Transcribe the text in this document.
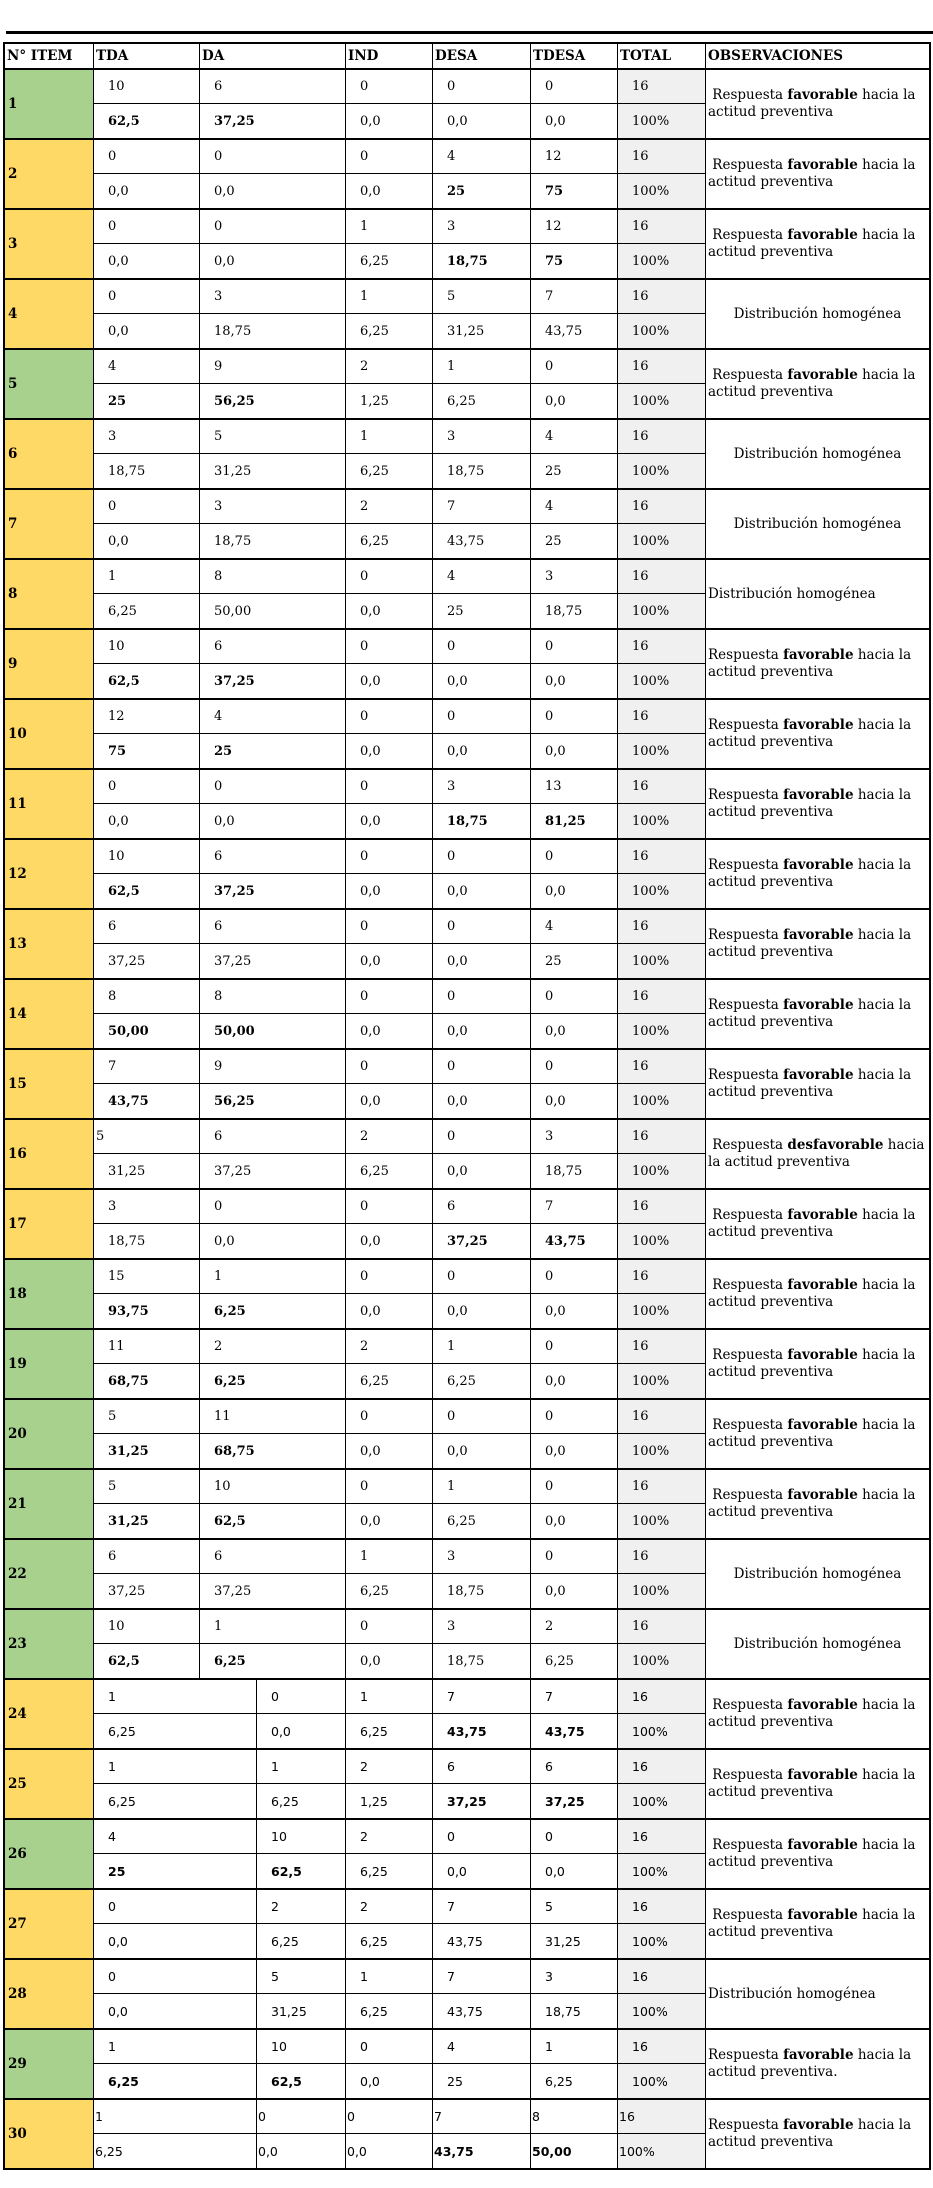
N° ITEM	TDA	DA	IND	DESA	TDESA	TOTAL	OBSERVACIONES
1
10	6	0	0	0	16
62,5	37,25	0,0	0,0	0,0	100%
Respuesta favorable hacia la actitud preventiva
2
0	0	0	4	12	16
0,0	0,0	0,0	25	75	100%
Respuesta favorable hacia la actitud preventiva
3
0	0	1	3	12	16
0,0	0,0	6,25	18,75	75	100%
Respuesta favorable hacia la actitud preventiva
4
0	3	1	5	7	16
0,0	18,75	6,25	31,25	43,75	100%
Distribución homogénea
5
4	9	2	1	0	16
25	56,25	1,25	6,25	0,0	100%
Respuesta favorable hacia la actitud preventiva
6
3	5	1	3	4	16
18,75	31,25	6,25	18,75	25	100%
Distribución homogénea
7
0	3	2	7	4	16
0,0	18,75	6,25	43,75	25	100%
Distribución homogénea
8
1	8	0	4	3	16
6,25	50,00	0,0	25	18,75	100%
Distribución homogénea
9
10	6	0	0	0	16
62,5	37,25	0,0	0,0	0,0	100%
Respuesta favorable hacia la actitud preventiva
10
12	4	0	0	0	16
75	25	0,0	0,0	0,0	100%
Respuesta favorable hacia la actitud preventiva
11
0	0	0	3	13	16
0,0	0,0	0,0	18,75	81,25	100%
Respuesta favorable hacia la actitud preventiva
12
10	6	0	0	0	16
62,5	37,25	0,0	0,0	0,0	100%
Respuesta favorable hacia la actitud preventiva
13
6	6	0	0	4	16
37,25	37,25	0,0	0,0	25	100%
Respuesta favorable hacia la actitud preventiva
14
8	8	0	0	0	16
50,00	50,00	0,0	0,0	0,0	100%
Respuesta favorable hacia la actitud preventiva
15
7	9	0	0	0	16
43,75	56,25	0,0	0,0	0,0	100%
Respuesta favorable hacia la actitud preventiva
16
5	6	2	0	3	16
31,25	37,25	6,25	0,0	18,75	100%
Respuesta desfavorable hacia la actitud preventiva
17
3	0	0	6	7	16
18,75	0,0	0,0	37,25	43,75	100%
Respuesta favorable hacia la actitud preventiva
18
15	1	0	0	0	16
93,75	6,25	0,0	0,0	0,0	100%
Respuesta favorable hacia la actitud preventiva
19
11	2	2	1	0	16
68,75	6,25	6,25	6,25	0,0	100%
Respuesta favorable hacia la actitud preventiva
20
5	11	0	0	0	16
31,25	68,75	0,0	0,0	0,0	100%
Respuesta favorable hacia la actitud preventiva
21
5	10	0	1	0	16
31,25	62,5	0,0	6,25	0,0	100%
Respuesta favorable hacia la actitud preventiva
22
6	6	1	3	0	16
37,25	37,25	6,25	18,75	0,0	100%
Distribución homogénea
23
10	1	0	3	2	16
62,5	6,25	0,0	18,75	6,25	100%
Distribución homogénea
24
1	0	1	7	7	16
6,25	0,0	6,25	43,75	43,75	100%
Respuesta favorable hacia la actitud preventiva
25
1	1	2	6	6	16
6,25	6,25	1,25	37,25	37,25	100%
Respuesta favorable hacia la actitud preventiva
26
4	10	2	0	0	16
25	62,5	6,25	0,0	0,0	100%
Respuesta favorable hacia la actitud preventiva
27
0	2	2	7	5	16
0,0	6,25	6,25	43,75	31,25	100%
Respuesta favorable hacia la actitud preventiva
28
0	5	1	7	3	16
0,0	31,25	6,25	43,75	18,75	100%
Distribución homogénea
29
1	10	0	4	1	16
6,25	62,5	0,0	25	6,25	100%
Respuesta favorable hacia la actitud preventiva.
30
1	0	0	7	8	16
6,25	0,0	0,0	43,75	50,00	100%
Respuesta favorable hacia la actitud preventiva
